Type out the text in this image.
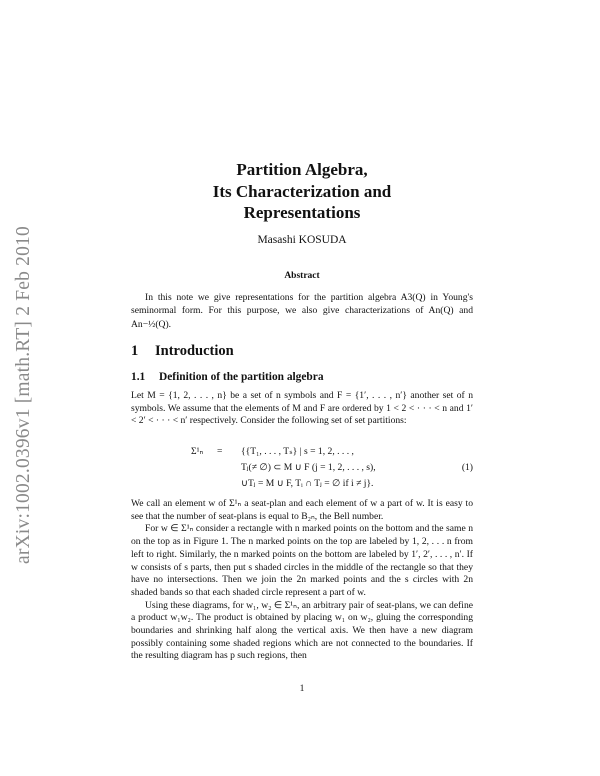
arXiv:1002.0396v1 [math.RT] 2 Feb 2010
Partition Algebra,
Its Characterization and
Representations
Masashi KOSUDA
Abstract

In this note we give representations for the partition algebra A3(Q) in Young's seminormal form. For this purpose, we also give characterizations of An(Q) and An−½(Q).

1 Introduction
1.1 Definition of the partition algebra
Let M = {1, 2, . . . , n} be a set of n symbols and F = {1′, . . . , n′} another set of n symbols. We assume that the elements of M and F are ordered by 1 < 2 < · · · < n and 1′ < 2′ < · · · < n′ respectively. Consider the following set of set partitions:
Σ¹ₙ = {{T₁, . . . , Tₛ} | s = 1, 2, . . . ,
Tⱼ(≠ ∅) ⊂ M ∪ F (j = 1, 2, . . . , s),
∪Tⱼ = M ∪ F, Tᵢ ∩ Tⱼ = ∅ if i ≠ j}.
(1)

We call an element w of Σ¹ₙ a seat-plan and each element of w a part of w. It is easy to see that the number of seat-plans is equal to B₂ₙ, the Bell number.

For w ∈ Σ¹ₙ consider a rectangle with n marked points on the bottom and the same n on the top as in Figure 1. The n marked points on the top are labeled by 1, 2, . . . n from left to right. Similarly, the n marked points on the bottom are labeled by 1′, 2′, . . . , n′. If w consists of s parts, then put s shaded circles in the middle of the rectangle so that they have no intersections. Then we join the 2n marked points and the s circles with 2n shaded bands so that each shaded circle represent a part of w.

Using these diagrams, for w₁, w₂ ∈ Σ¹ₙ, an arbitrary pair of seat-plans, we can define a product w₁w₂. The product is obtained by placing w₁ on w₂, gluing the corresponding boundaries and shrinking half along the vertical axis. We then have a new diagram possibly containing some shaded regions which are not connected to the boundaries. If the resulting diagram has p such regions, then

1
